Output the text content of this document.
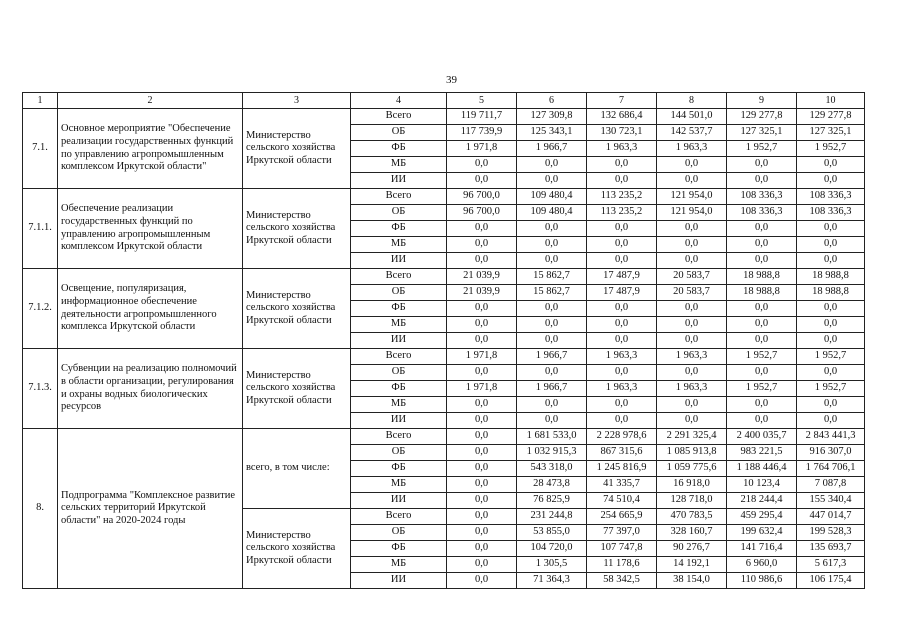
39
1	2	3	4	5	6	7	8	9	10
7.1.	Основное мероприятие "Обеспечение реализации государственных функций по управлению агропромышленным комплексом Иркутской области"	Министерство сельского хозяйства Иркутской области	Всего	119 711,7	127 309,8	132 686,4	144 501,0	129 277,8	129 277,8
			ОБ	117 739,9	125 343,1	130 723,1	142 537,7	127 325,1	127 325,1
			ФБ	1 971,8	1 966,7	1 963,3	1 963,3	1 952,7	1 952,7
			МБ	0,0	0,0	0,0	0,0	0,0	0,0
			ИИ	0,0	0,0	0,0	0,0	0,0	0,0
7.1.1.	Обеспечение реализации государственных функций по управлению агропромышленным комплексом Иркутской области	Министерство сельского хозяйства Иркутской области	Всего	96 700,0	109 480,4	113 235,2	121 954,0	108 336,3	108 336,3
			ОБ	96 700,0	109 480,4	113 235,2	121 954,0	108 336,3	108 336,3
			ФБ	0,0	0,0	0,0	0,0	0,0	0,0
			МБ	0,0	0,0	0,0	0,0	0,0	0,0
			ИИ	0,0	0,0	0,0	0,0	0,0	0,0
7.1.2.	Освещение, популяризация, информационное обеспечение деятельности агропромышленного комплекса Иркутской области	Министерство сельского хозяйства Иркутской области	Всего	21 039,9	15 862,7	17 487,9	20 583,7	18 988,8	18 988,8
			ОБ	21 039,9	15 862,7	17 487,9	20 583,7	18 988,8	18 988,8
			ФБ	0,0	0,0	0,0	0,0	0,0	0,0
			МБ	0,0	0,0	0,0	0,0	0,0	0,0
			ИИ	0,0	0,0	0,0	0,0	0,0	0,0
7.1.3.	Субвенции на реализацию полномочий в области организации, регулирования и охраны водных биологических ресурсов	Министерство сельского хозяйства Иркутской области	Всего	1 971,8	1 966,7	1 963,3	1 963,3	1 952,7	1 952,7
			ОБ	0,0	0,0	0,0	0,0	0,0	0,0
			ФБ	1 971,8	1 966,7	1 963,3	1 963,3	1 952,7	1 952,7
			МБ	0,0	0,0	0,0	0,0	0,0	0,0
			ИИ	0,0	0,0	0,0	0,0	0,0	0,0
8.	Подпрограмма "Комплексное развитие сельских территорий Иркутской области" на 2020-2024 годы	всего, в том числе:	Всего	0,0	1 681 533,0	2 228 978,6	2 291 325,4	2 400 035,7	2 843 441,3
			ОБ	0,0	1 032 915,3	867 315,6	1 085 913,8	983 221,5	916 307,0
			ФБ	0,0	543 318,0	1 245 816,9	1 059 775,6	1 188 446,4	1 764 706,1
			МБ	0,0	28 473,8	41 335,7	16 918,0	10 123,4	7 087,8
			ИИ	0,0	76 825,9	74 510,4	128 718,0	218 244,4	155 340,4
		Министерство сельского хозяйства Иркутской области	Всего	0,0	231 244,8	254 665,9	470 783,5	459 295,4	447 014,7
			ОБ	0,0	53 855,0	77 397,0	328 160,7	199 632,4	199 528,3
			ФБ	0,0	104 720,0	107 747,8	90 276,7	141 716,4	135 693,7
			МБ	0,0	1 305,5	11 178,6	14 192,1	6 960,0	5 617,3
			ИИ	0,0	71 364,3	58 342,5	38 154,0	110 986,6	106 175,4
